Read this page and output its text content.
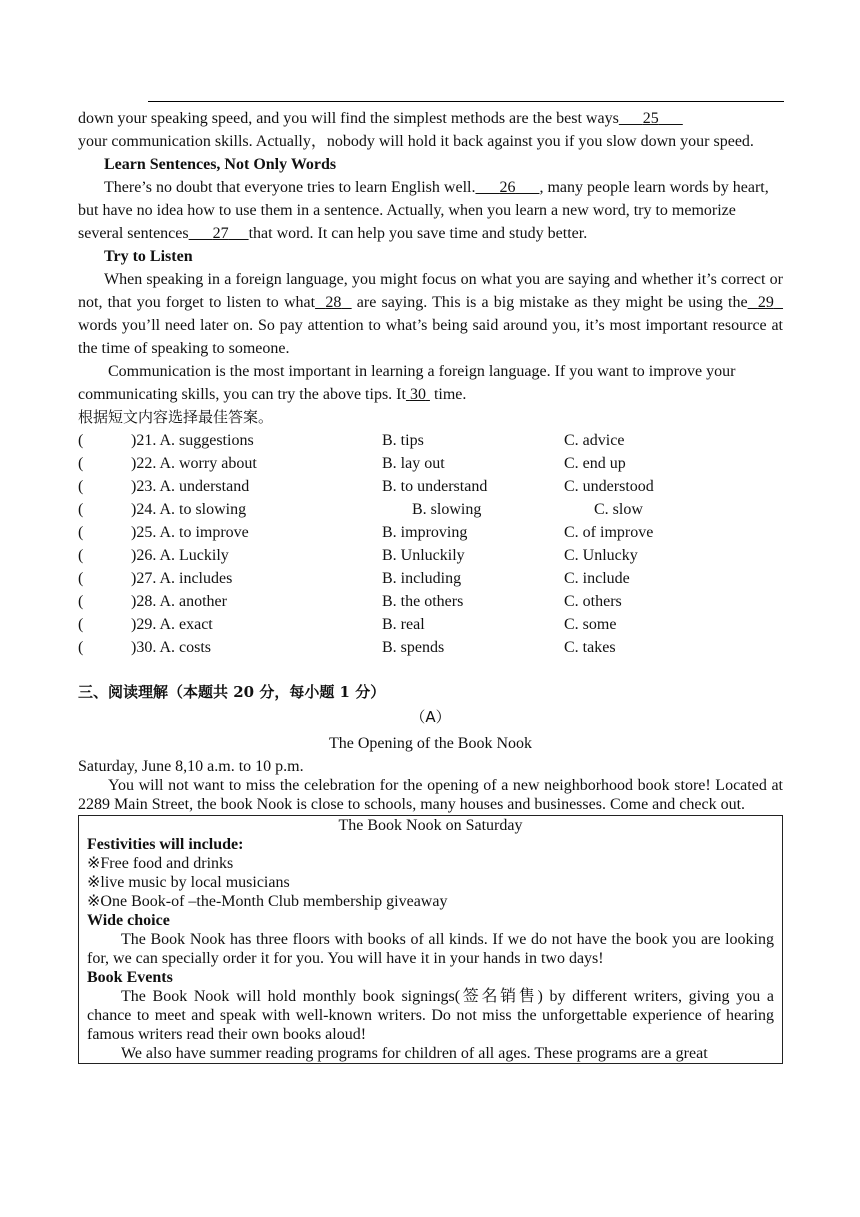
down your speaking speed, and you will find the simplest methods are the best ways 25

your communication skills. Actually，nobody will hold it back against you if you slow down your speed.

Learn Sentences, Not Only Words

There’s no doubt that everyone tries to learn English well. 26 , many people learn words by heart, but have no idea how to use them in a sentence. Actually, when you learn a new word, try to memorize several sentences 27 that word. It can help you save time and study better.

Try to Listen

When speaking in a foreign language, you might focus on what you are saying and whether it’s correct or not, that you forget to listen to what 28 are saying. This is a big mistake as they might be using the 29   words you’ll need later on. So pay attention to what’s being said around you, it’s most important resource at the time of speaking to someone.

Communication is the most important in learning a foreign language. If you want to improve your communicating skills, you can try the above tips. It 30 time.

根据短文内容选择最佳答案。

(	)21. A. suggestions	B. tips	C. advice
(	)22. A. worry about	B. lay out	C. end up
(	)23. A. understand	B. to understand	C. understood
(	)24. A. to slowing	B. slowing	C. slow
(	)25. A. to improve	B. improving	C. of improve
(	)26. A. Luckily	B. Unluckily	C. Unlucky
(	)27. A. includes	B. including	C. include
(	)28. A. another	B. the others	C. others
(	)29. A. exact	B. real	C. some
(	)30. A. costs	B. spends	C. takes
三、阅读理解（本题共 20 分，每小题 1 分）
（A）
The Opening of the Book Nook

Saturday, June 8,10 a.m. to 10 p.m.

You will not want to miss the celebration for the opening of a new neighborhood book store! Located at 2289 Main Street, the book Nook is close to schools, many houses and businesses. Come and check out.

The Book Nook on Saturday

Festivities will include:

※Free food and drinks

※live music by local musicians

※One Book-of –the-Month Club membership giveaway

Wide choice

The Book Nook has three floors with books of all kinds. If we do not have the book you are looking for, we can specially order it for you. You will have it in your hands in two days!

Book Events

The Book Nook will hold monthly book signings(签名销售) by different writers, giving you a chance to meet and speak with well-known writers. Do not miss the unforgettable experience of hearing famous writers read their own books aloud!

We also have summer reading programs for children of all ages. These programs are a great
